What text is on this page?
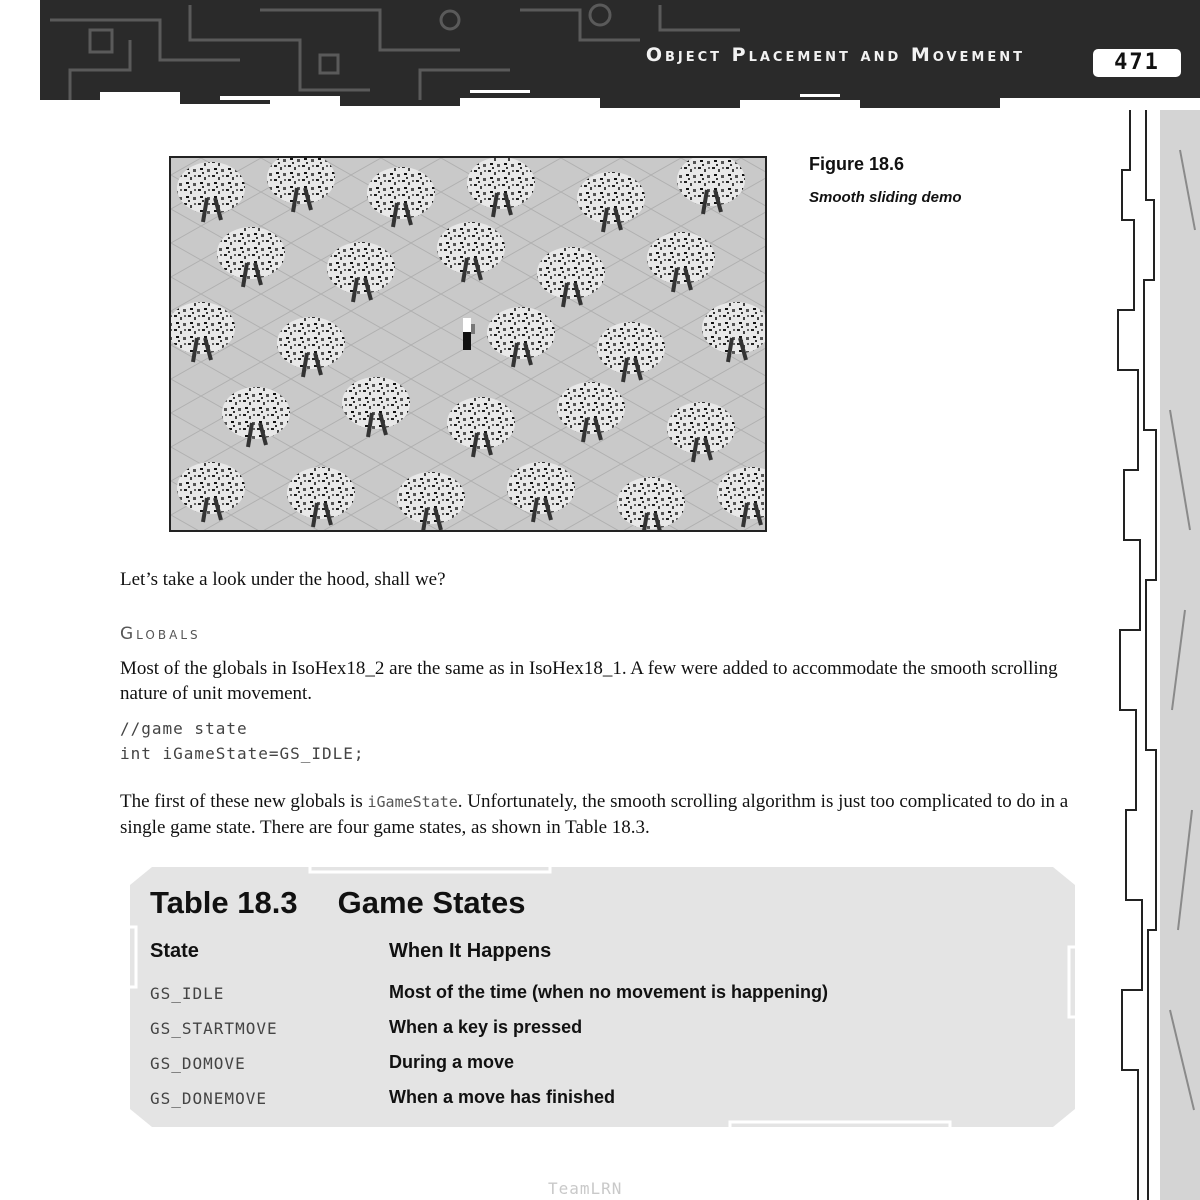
Object Placement and Movement	471
Figure 18.6
Smooth sliding demo
Let’s take a look under the hood, shall we?
Globals
Most of the globals in IsoHex18_2 are the same as in IsoHex18_1. A few were added to accommodate the smooth scrolling nature of unit movement.
//game state
int iGameState=GS_IDLE;
The first of these new globals is iGameState. Unfortunately, the smooth scrolling algorithm is just too complicated to do in a single game state. There are four game states, as shown in Table 18.3.
Table 18.3 Game States
State	When It Happens
GS_IDLE	Most of the time (when no movement is happening)
GS_STARTMOVE	When a key is pressed
GS_DOMOVE	During a move
GS_DONEMOVE	When a move has finished
TeamLRN
